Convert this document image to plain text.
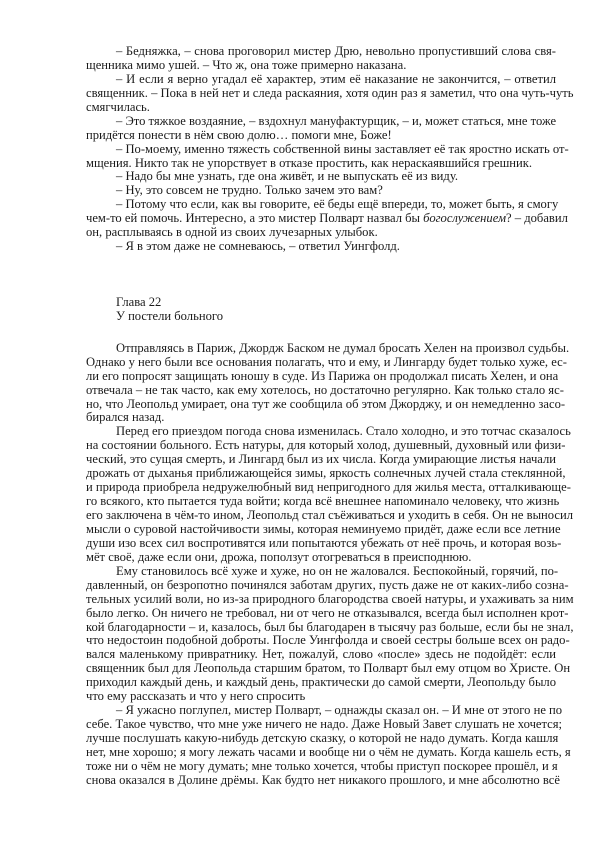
– Бедняжка, – снова проговорил мистер Дрю, невольно пропустивший слова свя-
щенника мимо ушей. – Что ж, она тоже примерно наказана.
– И если я верно угадал её характер, этим её наказание не закончится, – ответил
священник. – Пока в ней нет и следа раскаяния, хотя один раз я заметил, что она чуть-чуть
смягчилась.
– Это тяжкое воздаяние, – вздохнул мануфактурщик, – и, может статься, мне тоже
придётся понести в нём свою долю… помоги мне, Боже!
– По-моему, именно тяжесть собственной вины заставляет её так яростно искать от-
мщения. Никто так не упорствует в отказе простить, как нераскаявшийся грешник.
– Надо бы мне узнать, где она живёт, и не выпускать её из виду.
– Ну, это совсем не трудно. Только зачем это вам?
– Потому что если, как вы говорите, её беды ещё впереди, то, может быть, я смогу
чем-то ей помочь. Интересно, а это мистер Полварт назвал бы богослужением? – добавил
он, расплываясь в одной из своих лучезарных улыбок.
– Я в этом даже не сомневаюсь, – ответил Уингфолд.
Глава 22
У постели больного
Отправляясь в Париж, Джордж Баском не думал бросать Хелен на произвол судьбы.
Однако у него были все основания полагать, что и ему, и Лингарду будет только хуже, ес-
ли его попросят защищать юношу в суде. Из Парижа он продолжал писать Хелен, и она
отвечала – не так часто, как ему хотелось, но достаточно регулярно. Как только стало яс-
но, что Леопольд умирает, она тут же сообщила об этом Джорджу, и он немедленно засо-
бирался назад.
Перед его приездом погода снова изменилась. Стало холодно, и это тотчас сказалось
на состоянии больного. Есть натуры, для который холод, душевный, духовный или физи-
ческий, это сущая смерть, и Лингард был из их числа. Когда умирающие листья начали
дрожать от дыханья приближающейся зимы, яркость солнечных лучей стала стеклянной,
и природа приобрела недружелюбный вид непригодного для жилья места, отталкивающе-
го всякого, кто пытается туда войти; когда всё внешнее напоминало человеку, что жизнь
его заключена в чём-то ином, Леопольд стал съёживаться и уходить в себя. Он не выносил
мысли о суровой настойчивости зимы, которая неминуемо придёт, даже если все летние
души изо всех сил воспротивятся или попытаются убежать от неё прочь, и которая возь-
мёт своё, даже если они, дрожа, поползут отогреваться в преисподнюю.
Ему становилось всё хуже и хуже, но он не жаловался. Беспокойный, горячий, по-
давленный, он безропотно починялся заботам других, пусть даже не от каких-либо созна-
тельных усилий воли, но из-за природного благородства своей натуры, и ухаживать за ним
было легко. Он ничего не требовал, ни от чего не отказывался, всегда был исполнен крот-
кой благодарности – и, казалось, был бы благодарен в тысячу раз больше, если бы не знал,
что недостоин подобной доброты. После Уингфолда и своей сестры больше всех он радо-
вался маленькому привратнику. Нет, пожалуй, слово «после» здесь не подойдёт: если
священник был для Леопольда старшим братом, то Полварт был ему отцом во Христе. Он
приходил каждый день, и каждый день, практически до самой смерти, Леопольду было
что ему рассказать и что у него спросить
– Я ужасно поглупел, мистер Полварт, – однажды сказал он. – И мне от этого не по
себе. Такое чувство, что мне уже ничего не надо. Даже Новый Завет слушать не хочется;
лучше послушать какую-нибудь детскую сказку, о которой не надо думать. Когда кашля
нет, мне хорошо; я могу лежать часами и вообще ни о чём не думать. Когда кашель есть, я
тоже ни о чём не могу думать; мне только хочется, чтобы приступ поскорее прошёл, и я
снова оказался в Долине дрёмы. Как будто нет никакого прошлого, и мне абсолютно всё
